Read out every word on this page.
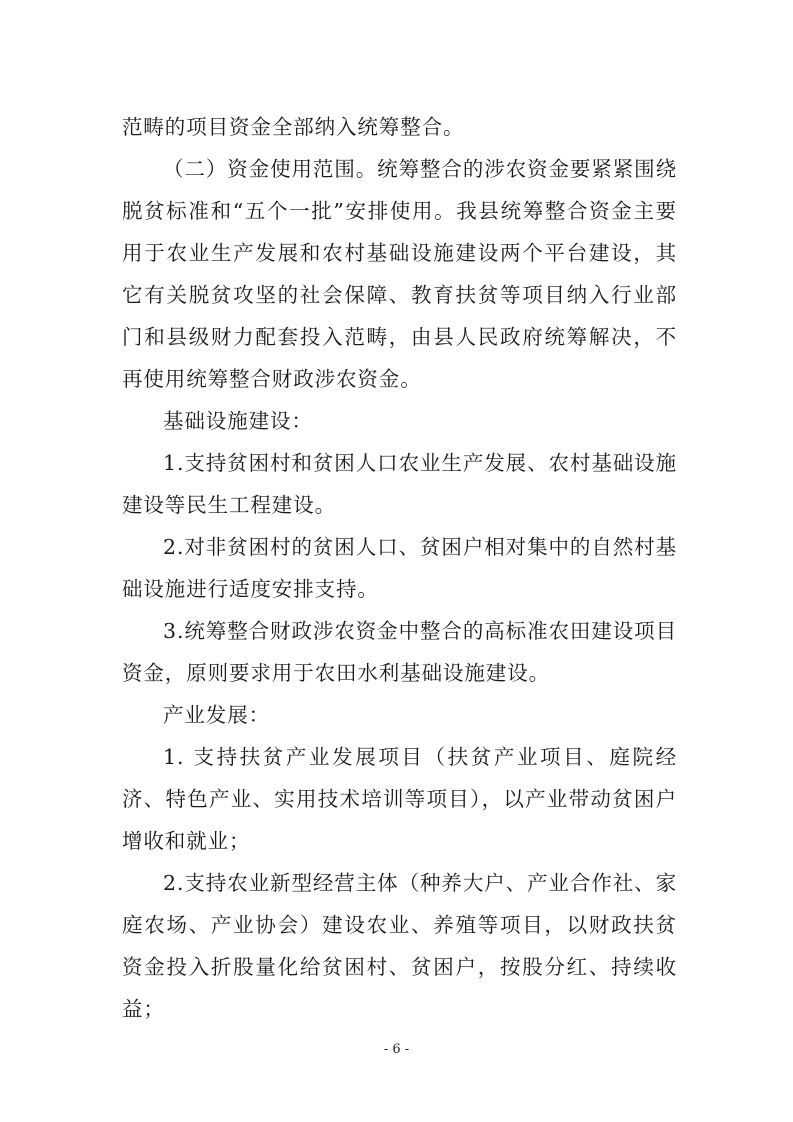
范畴的项目资金全部纳入统筹整合。

（二）资金使用范围。统筹整合的涉农资金要紧紧围绕脱贫标准和“五个一批”安排使用。我县统筹整合资金主要用于农业生产发展和农村基础设施建设两个平台建设，其它有关脱贫攻坚的社会保障、教育扶贫等项目纳入行业部门和县级财力配套投入范畴，由县人民政府统筹解决，不再使用统筹整合财政涉农资金。

基础设施建设：

1.支持贫困村和贫困人口农业生产发展、农村基础设施建设等民生工程建设。

2.对非贫困村的贫困人口、贫困户相对集中的自然村基础设施进行适度安排支持。

3.统筹整合财政涉农资金中整合的高标准农田建设项目资金，原则要求用于农田水利基础设施建设。

产业发展：

1. 支持扶贫产业发展项目（扶贫产业项目、庭院经济、特色产业、实用技术培训等项目），以产业带动贫困户增收和就业；

2.支持农业新型经营主体（种养大户、产业合作社、家庭农场、产业协会）建设农业、养殖等项目，以财政扶贫资金投入折股量化给贫困村、贫困户，按股分红、持续收益；

- 6 -
